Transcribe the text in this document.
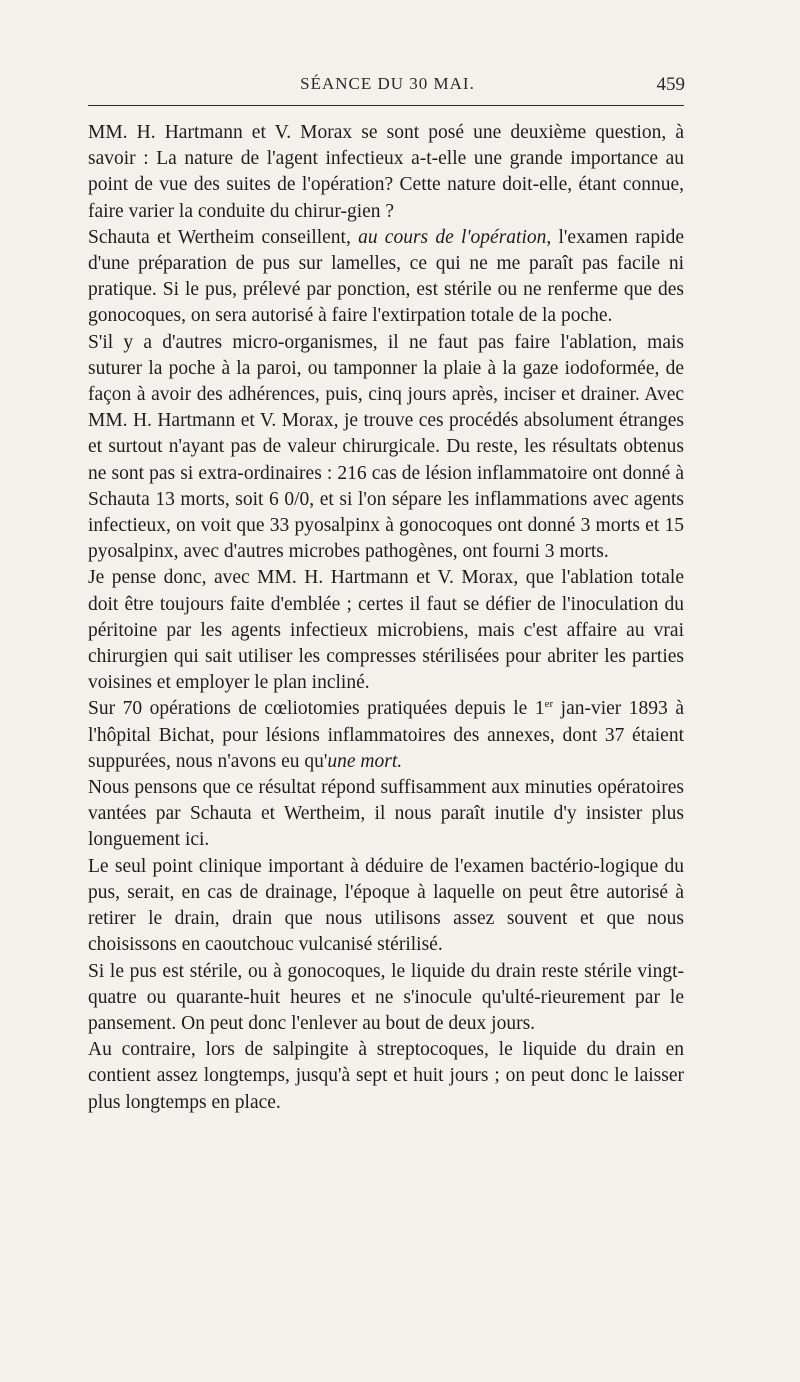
SÉANCE DU 30 MAI.	459

MM. H. Hartmann et V. Morax se sont posé une deuxième question, à savoir : La nature de l'agent infectieux a-t-elle une grande importance au point de vue des suites de l'opération? Cette nature doit-elle, étant connue, faire varier la conduite du chirur-gien ?

Schauta et Wertheim conseillent, au cours de l'opération, l'examen rapide d'une préparation de pus sur lamelles, ce qui ne me paraît pas facile ni pratique. Si le pus, prélevé par ponction, est stérile ou ne renferme que des gonocoques, on sera autorisé à faire l'extirpation totale de la poche.

S'il y a d'autres micro-organismes, il ne faut pas faire l'ablation, mais suturer la poche à la paroi, ou tamponner la plaie à la gaze iodoformée, de façon à avoir des adhérences, puis, cinq jours après, inciser et drainer. Avec MM. H. Hartmann et V. Morax, je trouve ces procédés absolument étranges et surtout n'ayant pas de valeur chirurgicale. Du reste, les résultats obtenus ne sont pas si extra-ordinaires : 216 cas de lésion inflammatoire ont donné à Schauta 13 morts, soit 6 0/0, et si l'on sépare les inflammations avec agents infectieux, on voit que 33 pyosalpinx à gonocoques ont donné 3 morts et 15 pyosalpinx, avec d'autres microbes pathogènes, ont fourni 3 morts.

Je pense donc, avec MM. H. Hartmann et V. Morax, que l'ablation totale doit être toujours faite d'emblée ; certes il faut se défier de l'inoculation du péritoine par les agents infectieux microbiens, mais c'est affaire au vrai chirurgien qui sait utiliser les compresses stérilisées pour abriter les parties voisines et employer le plan incliné.

Sur 70 opérations de cœliotomies pratiquées depuis le 1er jan-vier 1893 à l'hôpital Bichat, pour lésions inflammatoires des annexes, dont 37 étaient suppurées, nous n'avons eu qu'une mort.

Nous pensons que ce résultat répond suffisamment aux minuties opératoires vantées par Schauta et Wertheim, il nous paraît inutile d'y insister plus longuement ici.

Le seul point clinique important à déduire de l'examen bactério-logique du pus, serait, en cas de drainage, l'époque à laquelle on peut être autorisé à retirer le drain, drain que nous utilisons assez souvent et que nous choisissons en caoutchouc vulcanisé stérilisé.

Si le pus est stérile, ou à gonocoques, le liquide du drain reste stérile vingt-quatre ou quarante-huit heures et ne s'inocule qu'ulté-rieurement par le pansement. On peut donc l'enlever au bout de deux jours.

Au contraire, lors de salpingite à streptocoques, le liquide du drain en contient assez longtemps, jusqu'à sept et huit jours ; on peut donc le laisser plus longtemps en place.
